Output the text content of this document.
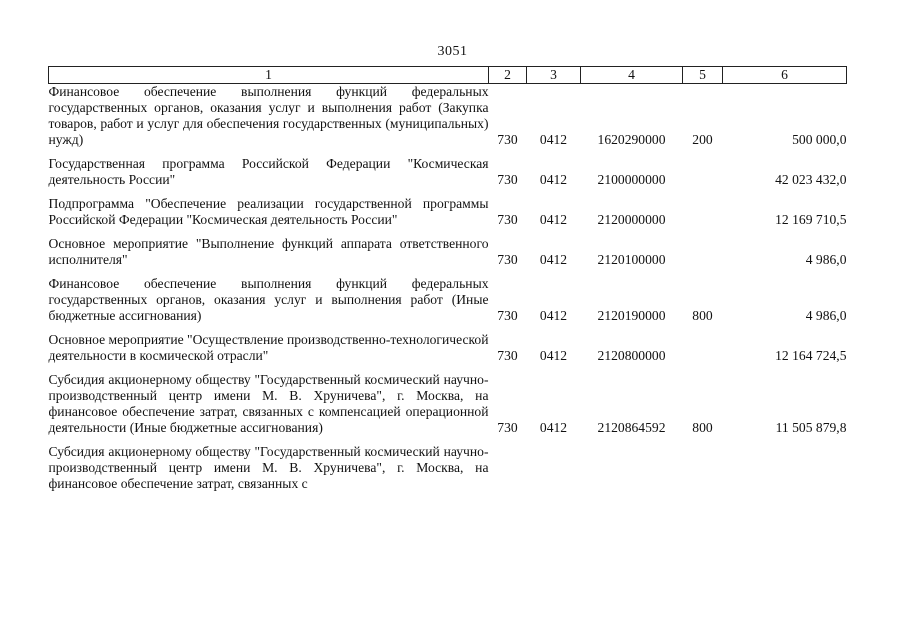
3051
1	2	3	4	5	6
Финансовое обеспечение выполнения функций федеральных государственных органов, оказания услуг и выполнения работ (Закупка товаров, работ и услуг для обеспечения государственных (муниципальных) нужд)	730	0412	1620290000	200	500 000,0

Государственная программа Российской Федерации "Космическая деятельность России"	730	0412	2100000000		42 023 432,0

Подпрограмма "Обеспечение реализации государственной программы Российской Федерации "Космическая деятельность России"	730	0412	2120000000		12 169 710,5

Основное мероприятие "Выполнение функций аппарата ответственного исполнителя"	730	0412	2120100000		4 986,0

Финансовое обеспечение выполнения функций федеральных государственных органов, оказания услуг и выполнения работ (Иные бюджетные ассигнования)	730	0412	2120190000	800	4 986,0

Основное мероприятие "Осуществление производственно-технологической деятельности в космической отрасли"	730	0412	2120800000		12 164 724,5

Субсидия акционерному обществу "Государственный космический научно-производственный центр имени М. В. Хруничева", г. Москва, на финансовое обеспечение затрат, связанных с компенсацией операционной деятельности (Иные бюджетные ассигнования)	730	0412	2120864592	800	11 505 879,8

Субсидия акционерному обществу "Государственный космический научно-производственный центр имени М. В. Хруничева", г. Москва, на финансовое обеспечение затрат, связанных с					
